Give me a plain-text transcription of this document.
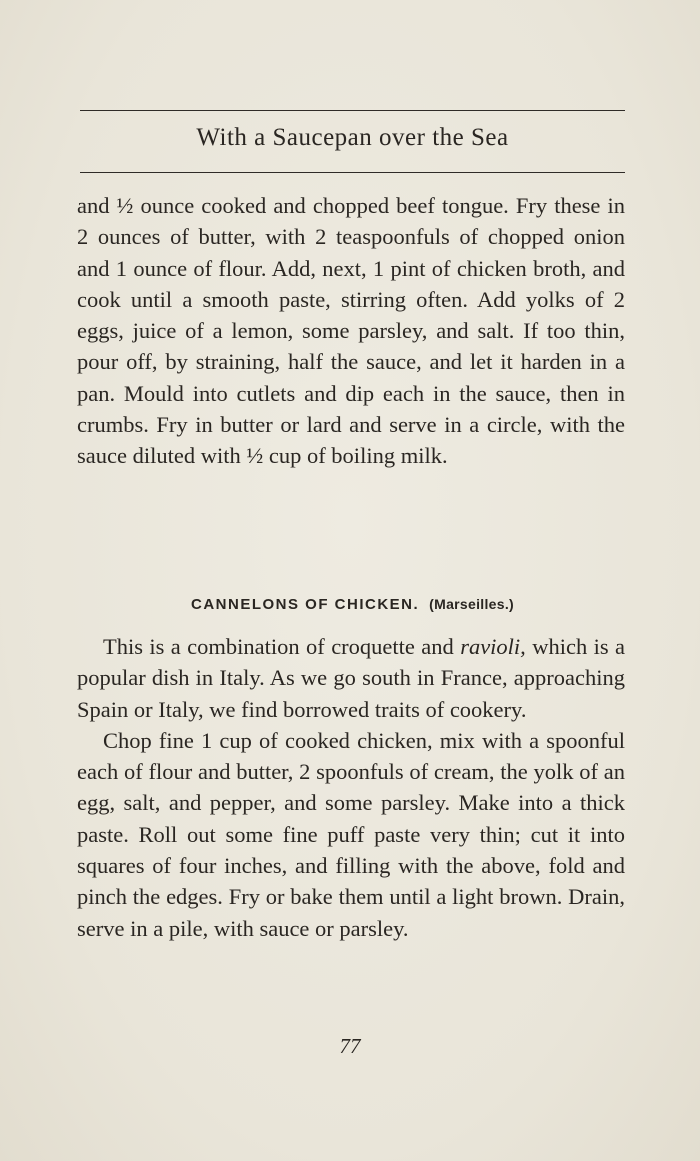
With a Saucepan over the Sea

and ½ ounce cooked and chopped beef tongue. Fry these in 2 ounces of butter, with 2 teaspoonfuls of chopped onion and 1 ounce of flour. Add, next, 1 pint of chicken broth, and cook until a smooth paste, stirring often. Add yolks of 2 eggs, juice of a lemon, some parsley, and salt. If too thin, pour off, by straining, half the sauce, and let it harden in a pan. Mould into cutlets and dip each in the sauce, then in crumbs. Fry in butter or lard and serve in a circle, with the sauce diluted with ½ cup of boiling milk.

CANNELONS OF CHICKEN. (Marseilles.)

This is a combination of croquette and ravioli, which is a popular dish in Italy. As we go south in France, approaching Spain or Italy, we find borrowed traits of cookery.

Chop fine 1 cup of cooked chicken, mix with a spoonful each of flour and butter, 2 spoonfuls of cream, the yolk of an egg, salt, and pepper, and some parsley. Make into a thick paste. Roll out some fine puff paste very thin; cut it into squares of four inches, and filling with the above, fold and pinch the edges. Fry or bake them until a light brown. Drain, serve in a pile, with sauce or parsley.

77
